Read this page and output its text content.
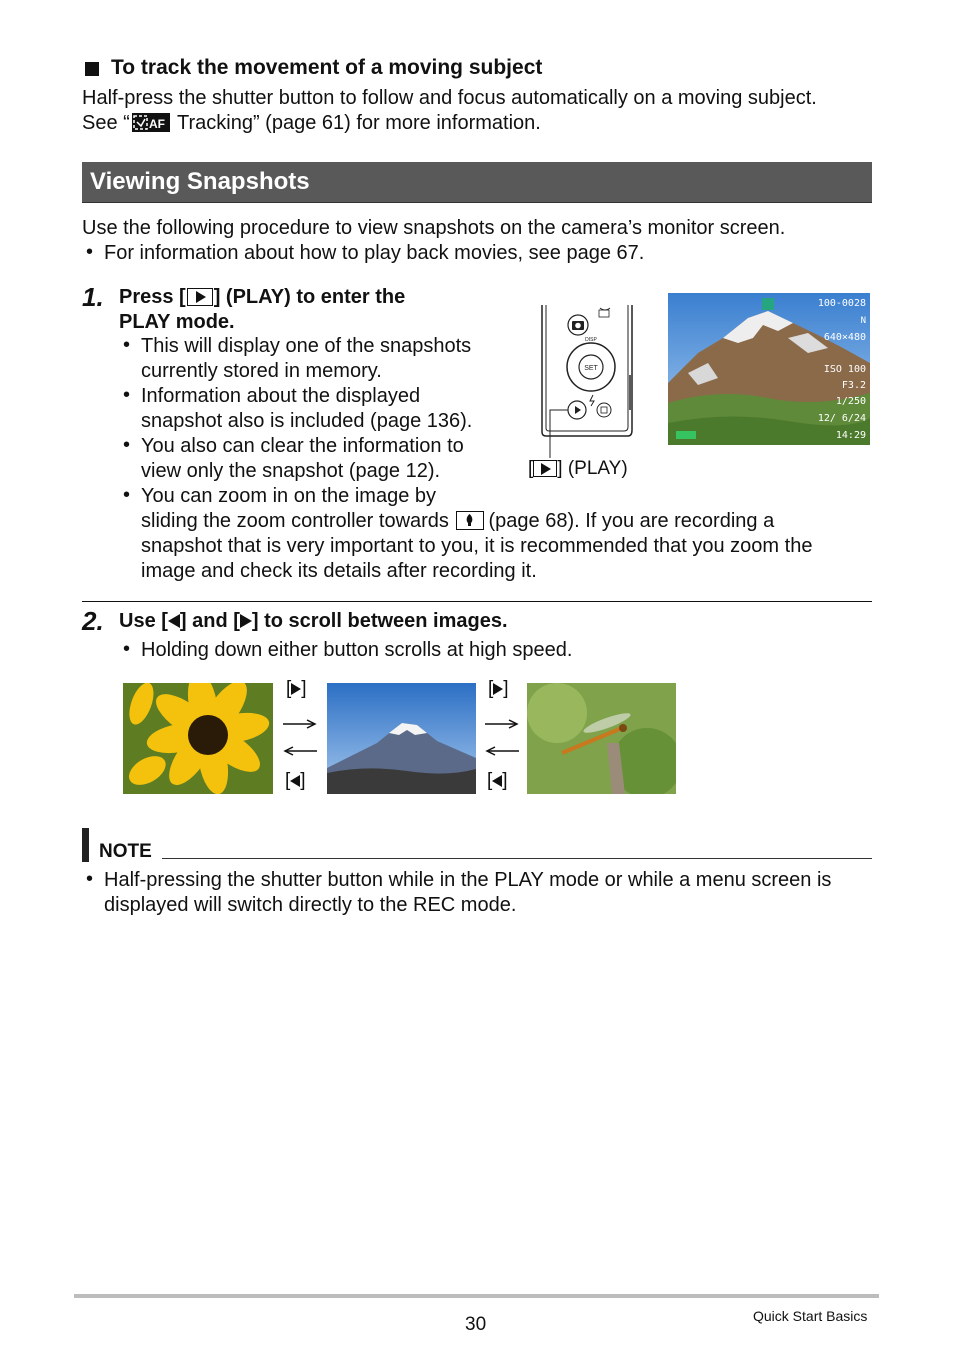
To track the movement of a moving subject
Half-press the shutter button to follow and focus automatically on a moving subject.
See “ AF Tracking” (page 61) for more information.
Viewing Snapshots
Use the following procedure to view snapshots on the camera’s monitor screen.
• For information about how to play back movies, see page 67.
1. Press [ ] (PLAY) to enter the
PLAY mode.
• This will display one of the snapshots
currently stored in memory.
• Information about the displayed
snapshot also is included (page 136).
• You also can clear the information to
view only the snapshot (page 12).
• You can zoom in on the image by
sliding the zoom controller towards
(page 68). If you are recording a
snapshot that is very important to you, it is recommended that you zoom the
image and check its details after recording it.
SET
DISP
[ ] (PLAY)
100-0028
N
640×480
ISO 100
F3.2
1/250
12/ 6/24
14:29
2. Use [ ] and [ ] to scroll between images.
• Holding down either button scrolls at high speed.
[ ]
[ ]
[ ]
[ ]
NOTE
• Half-pressing the shutter button while in the PLAY mode or while a menu screen is
displayed will switch directly to the REC mode.
30	Quick Start Basics
